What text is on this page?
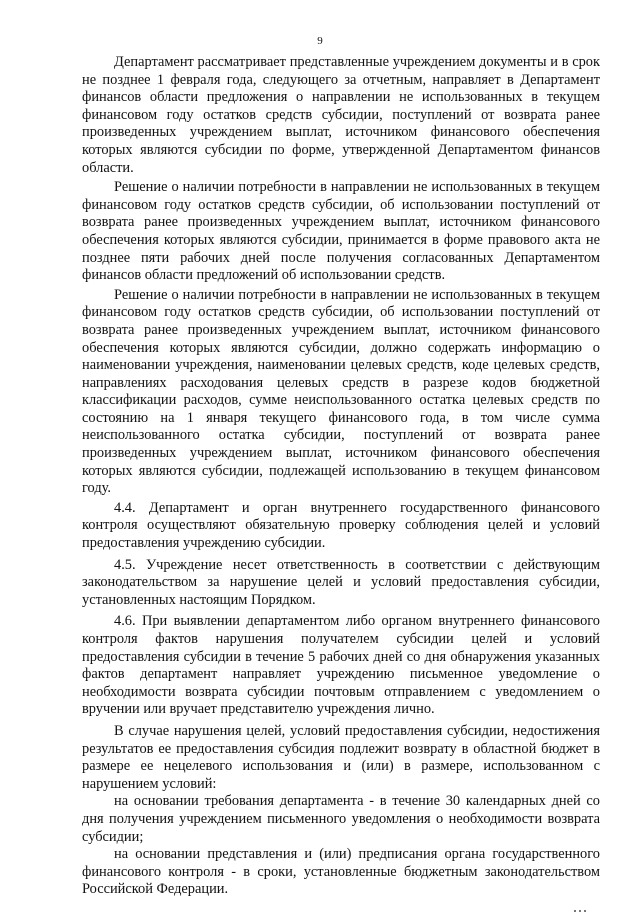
9

Департамент рассматривает представленные учреждением документы и в срок не позднее 1 февраля года, следующего за отчетным, направляет в Департамент финансов области предложения о направлении не использованных в текущем финансовом году остатков средств субсидии, поступлений от возврата ранее произведенных учреждением выплат, источником финансового обеспечения которых являются субсидии по форме, утвержденной Департаментом финансов области.

Решение о наличии потребности в направлении не использованных в текущем финансовом году остатков средств субсидии, об использовании поступлений от возврата ранее произведенных учреждением выплат, источником финансового обеспечения которых являются субсидии, принимается в форме правового акта не позднее пяти рабочих дней после получения согласованных Департаментом финансов области предложений об использовании средств.

Решение о наличии потребности в направлении не использованных в текущем финансовом году остатков средств субсидии, об использовании поступлений от возврата ранее произведенных учреждением выплат, источником финансового обеспечения которых являются субсидии, должно содержать информацию о наименовании учреждения, наименовании целевых средств, коде целевых средств, направлениях расходования целевых средств в разрезе кодов бюджетной классификации расходов, сумме неиспользованного остатка целевых средств по состоянию на 1 января текущего финансового года, в том числе сумма неиспользованного остатка субсидии, поступлений от возврата ранее произведенных учреждением выплат, источником финансового обеспечения которых являются субсидии, подлежащей использованию в текущем финансовом году.

4.4. Департамент и орган внутреннего государственного финансового контроля осуществляют обязательную проверку соблюдения целей и условий предоставления учреждению субсидии.

4.5. Учреждение несет ответственность в соответствии с действующим законодательством за нарушение целей и условий предоставления субсидии, установленных настоящим Порядком.

4.6. При выявлении департаментом либо органом внутреннего финансового контроля фактов нарушения получателем субсидии целей и условий предоставления субсидии в течение 5 рабочих дней со дня обнаружения указанных фактов департамент направляет учреждению письменное уведомление о необходимости возврата субсидии почтовым отправлением с уведомлением о вручении или вручает представителю учреждения лично.

В случае нарушения целей, условий предоставления субсидии, недостижения результатов ее предоставления субсидия подлежит возврату в областной бюджет в размере ее нецелевого использования и (или) в размере, использованном с нарушением условий:

на основании требования департамента - в течение 30 календарных дней со дня получения учреждением письменного уведомления о необходимости возврата субсидии;

на основании представления и (или) предписания органа государственного финансового контроля - в сроки, установленные бюджетным законодательством Российской Федерации.
